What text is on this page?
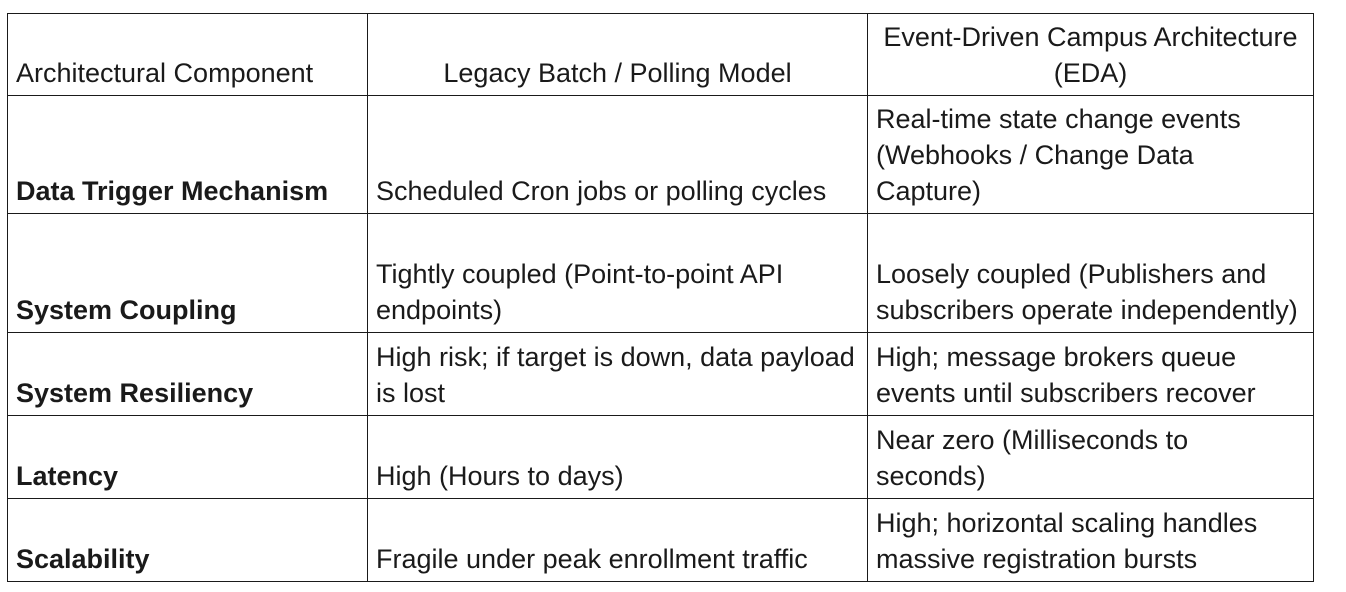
Architectural Component	Legacy Batch / Polling Model	Event-Driven Campus Architecture (EDA)
Data Trigger Mechanism	Scheduled Cron jobs or polling cycles	Real-time state change events (Webhooks / Change Data Capture)
System Coupling	Tightly coupled (Point-to-point API endpoints)	Loosely coupled (Publishers and subscribers operate independently)
System Resiliency	High risk; if target is down, data payload is lost	High; message brokers queue events until subscribers recover
Latency	High (Hours to days)	Near zero (Milliseconds to seconds)
Scalability	Fragile under peak enrollment traffic	High; horizontal scaling handles massive registration bursts
